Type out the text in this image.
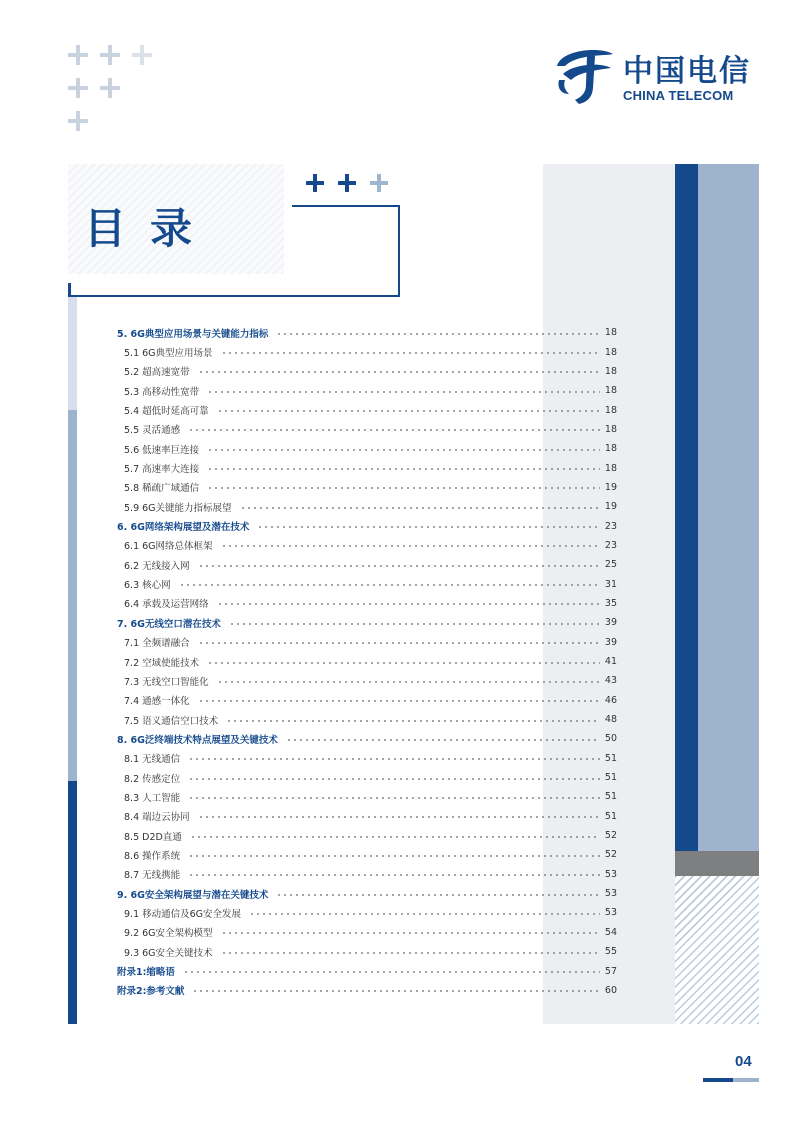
中国电信
CHINA TELECOM
目录
5. 6G典型应用场景与关键能力指标	18
5.1 6G典型应用场景	18
5.2 超高速宽带	18
5.3 高移动性宽带	18
5.4 超低时延高可靠	18
5.5 灵活通感	18
5.6 低速率巨连接	18
5.7 高速率大连接	18
5.8 稀疏广域通信	19
5.9 6G关键能力指标展望	19
6. 6G网络架构展望及潜在技术	23
6.1 6G网络总体框架	23
6.2 无线接入网	25
6.3 核心网	31
6.4 承载及运营网络	35
7. 6G无线空口潜在技术	39
7.1 全频谱融合	39
7.2 空域使能技术	41
7.3 无线空口智能化	43
7.4 通感一体化	46
7.5 语义通信空口技术	48
8. 6G泛终端技术特点展望及关键技术	50
8.1 无线通信	51
8.2 传感定位	51
8.3 人工智能	51
8.4 端边云协同	51
8.5 D2D直通	52
8.6 操作系统	52
8.7 无线携能	53
9. 6G安全架构展望与潜在关键技术	53
9.1 移动通信及6G安全发展	53
9.2 6G安全架构模型	54
9.3 6G安全关键技术	55
附录1:缩略语	57
附录2:参考文献	60
04
